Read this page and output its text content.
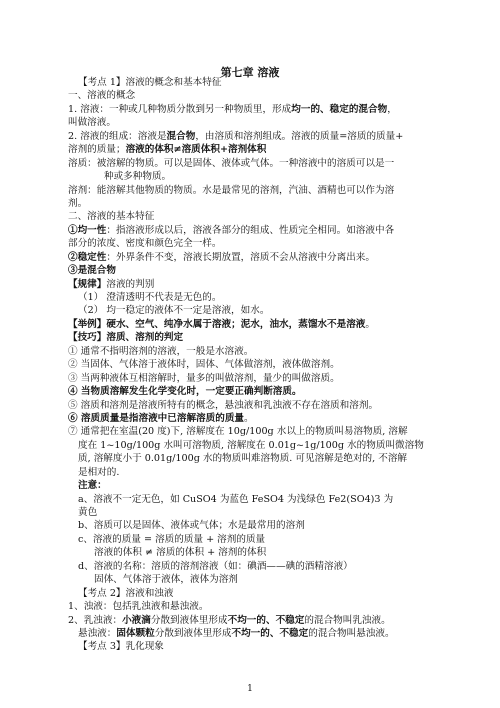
第七章 溶液
【考点 1】溶液的概念和基本特征
一、溶液的概念
1. 溶液：一种或几种物质分散到另一种物质里，形成均一的、稳定的混合物，
叫做溶液。
2. 溶液的组成：溶液是混合物，由溶质和溶剂组成。溶液的质量=溶质的质量+
溶剂的质量；溶液的体积≠溶质体积+溶剂体积
溶质：被溶解的物质。可以是固体、液体或气体。一种溶液中的溶质可以是一
种或多种物质。
溶剂：能溶解其他物质的物质。水是最常见的溶剂，汽油、酒精也可以作为溶
剂。
二、溶液的基本特征
①均一性：指溶液形成以后，溶液各部分的组成、性质完全相同。如溶液中各
部分的浓度、密度和颜色完全一样。
②稳定性：外界条件不变，溶液长期放置，溶质不会从溶液中分离出来。
③是混合物
【规律】溶液的判别
（1） 澄清透明不代表是无色的。
（2） 均一稳定的液体不一定是溶液，如水。
【举例】硬水、空气、纯净水属于溶液；泥水，油水，蒸馏水不是溶液。
【技巧】溶质、溶剂的判定
① 通常不指明溶剂的溶液，一般是水溶液。
② 当固体、气体溶于液体时，固体、气体做溶剂，液体做溶剂。
③ 当两种液体互相溶解时，量多的叫做溶剂，量少的叫做溶质。
④ 当物质溶解发生化学变化时，一定要正确判断溶质。
⑤ 溶质和溶剂是溶液所特有的概念，悬浊液和乳浊液不存在溶质和溶剂。
⑥ 溶质质量是指溶液中已溶解溶质的质量。
⑦ 通常把在室温(20 度)下, 溶解度在 10g/100g 水以上的物质叫易溶物质, 溶解
度在 1~10g/100g 水叫可溶物质, 溶解度在 0.01g~1g/100g 水的物质叫微溶物
质, 溶解度小于 0.01g/100g 水的物质叫难溶物质. 可见溶解是绝对的, 不溶解
是相对的.
注意：
a、溶液不一定无色，如 CuSO4 为蓝色 FeSO4 为浅绿色 Fe2(SO4)3 为
黄色
b、溶质可以是固体、液体或气体；水是最常用的溶剂
c、溶液的质量 = 溶质的质量 + 溶剂的质量
溶液的体积 ≠ 溶质的体积 + 溶剂的体积
d、溶液的名称：溶质的溶剂溶液（如：碘酒——碘的酒精溶液）
固体、气体溶于液体，液体为溶剂
【考点 2】溶液和浊液
1、浊液：包括乳浊液和悬浊液。
2、乳浊液：小液滴分散到液体里形成不均一的、不稳定的混合物叫乳浊液。
悬浊液：固体颗粒分散到液体里形成不均一的、不稳定的混合物叫悬浊液。
【考点 3】乳化现象
1
